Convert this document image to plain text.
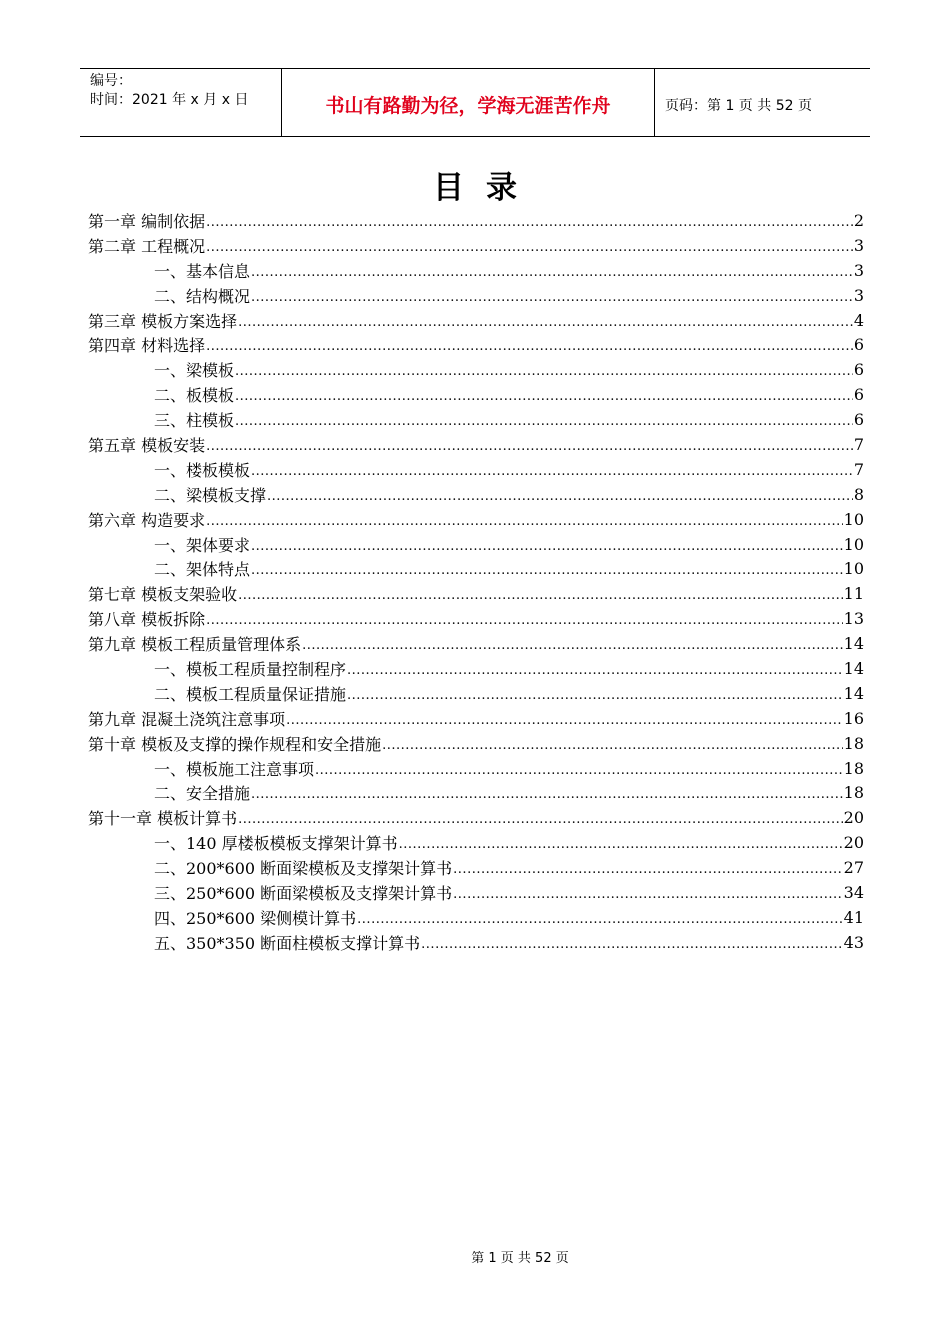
编号：
时间：2021 年 x 月 x 日	书山有路勤为径，学海无涯苦作舟	页码：第 1 页 共 52 页
目录
第一章 编制依据 .....	2
第二章 工程概况 .....	3
一、基本信息 .....	3
二、结构概况 .....	3
第三章 模板方案选择 .....	4
第四章 材料选择 .....	6
一、梁模板 .....	6
二、板模板 .....	6
三、柱模板 .....	6
第五章 模板安装 .....	7
一、楼板模板 .....	7
二、梁模板支撑 .....	8
第六章 构造要求 .....	10
一、架体要求 .....	10
二、架体特点 .....	10
第七章 模板支架验收 .....	11
第八章 模板拆除 .....	13
第九章 模板工程质量管理体系 .....	14
一、模板工程质量控制程序 .....	14
二、模板工程质量保证措施 .....	14
第九章 混凝土浇筑注意事项 .....	16
第十章 模板及支撑的操作规程和安全措施 .....	18
一、模板施工注意事项 .....	18
二、安全措施 .....	18
第十一章 模板计算书 .....	20
一、140 厚楼板模板支撑架计算书 .....	20
二、200*600 断面梁模板及支撑架计算书 .....	27
三、250*600 断面梁模板及支撑架计算书 .....	34
四、250*600 梁侧模计算书 .....	41
五、350*350 断面柱模板支撑计算书 .....	43
第 1 页 共 52 页
